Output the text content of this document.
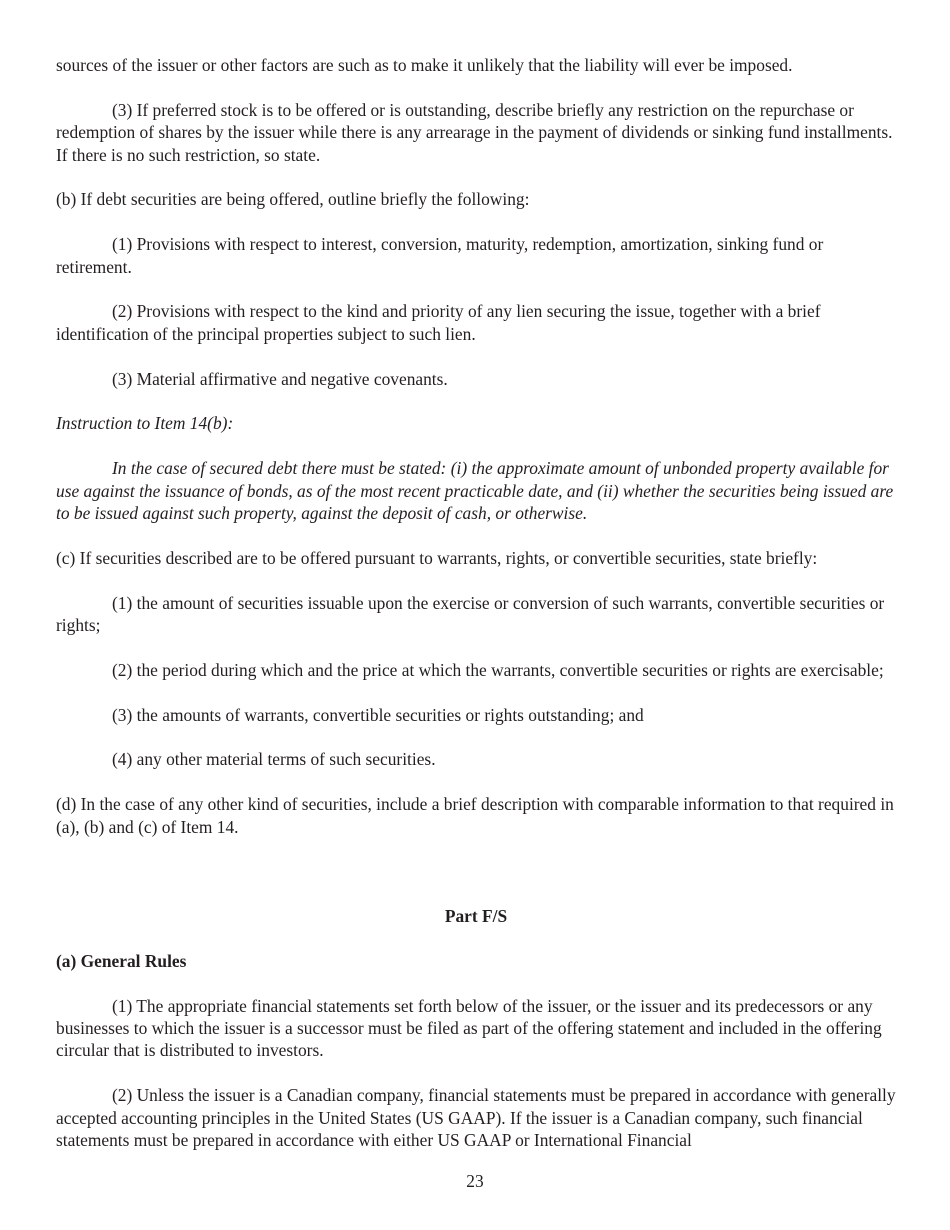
sources of the issuer or other factors are such as to make it unlikely that the liability will ever be imposed.

(3) If preferred stock is to be offered or is outstanding, describe briefly any restriction on the repurchase or redemption of shares by the issuer while there is any arrearage in the payment of dividends or sinking fund installments. If there is no such restriction, so state.

(b) If debt securities are being offered, outline briefly the following:

(1) Provisions with respect to interest, conversion, maturity, redemption, amortization, sinking fund or retirement.

(2) Provisions with respect to the kind and priority of any lien securing the issue, together with a brief identification of the principal properties subject to such lien.

(3) Material affirmative and negative covenants.

Instruction to Item 14(b):

In the case of secured debt there must be stated: (i) the approximate amount of unbonded property available for use against the issuance of bonds, as of the most recent practicable date, and (ii) whether the securities being issued are to be issued against such property, against the deposit of cash, or otherwise.

(c) If securities described are to be offered pursuant to warrants, rights, or convertible securities, state briefly:

(1) the amount of securities issuable upon the exercise or conversion of such warrants, convertible securities or rights;

(2) the period during which and the price at which the warrants, convertible securities or rights are exercisable;

(3) the amounts of warrants, convertible securities or rights outstanding; and

(4) any other material terms of such securities.

(d) In the case of any other kind of securities, include a brief description with comparable information to that required in (a), (b) and (c) of Item 14.

Part F/S

(a) General Rules

(1) The appropriate financial statements set forth below of the issuer, or the issuer and its predecessors or any businesses to which the issuer is a successor must be filed as part of the offering statement and included in the offering circular that is distributed to investors.

(2) Unless the issuer is a Canadian company, financial statements must be prepared in accordance with generally accepted accounting principles in the United States (US GAAP). If the issuer is a Canadian company, such financial statements must be prepared in accordance with either US GAAP or International Financial

23
